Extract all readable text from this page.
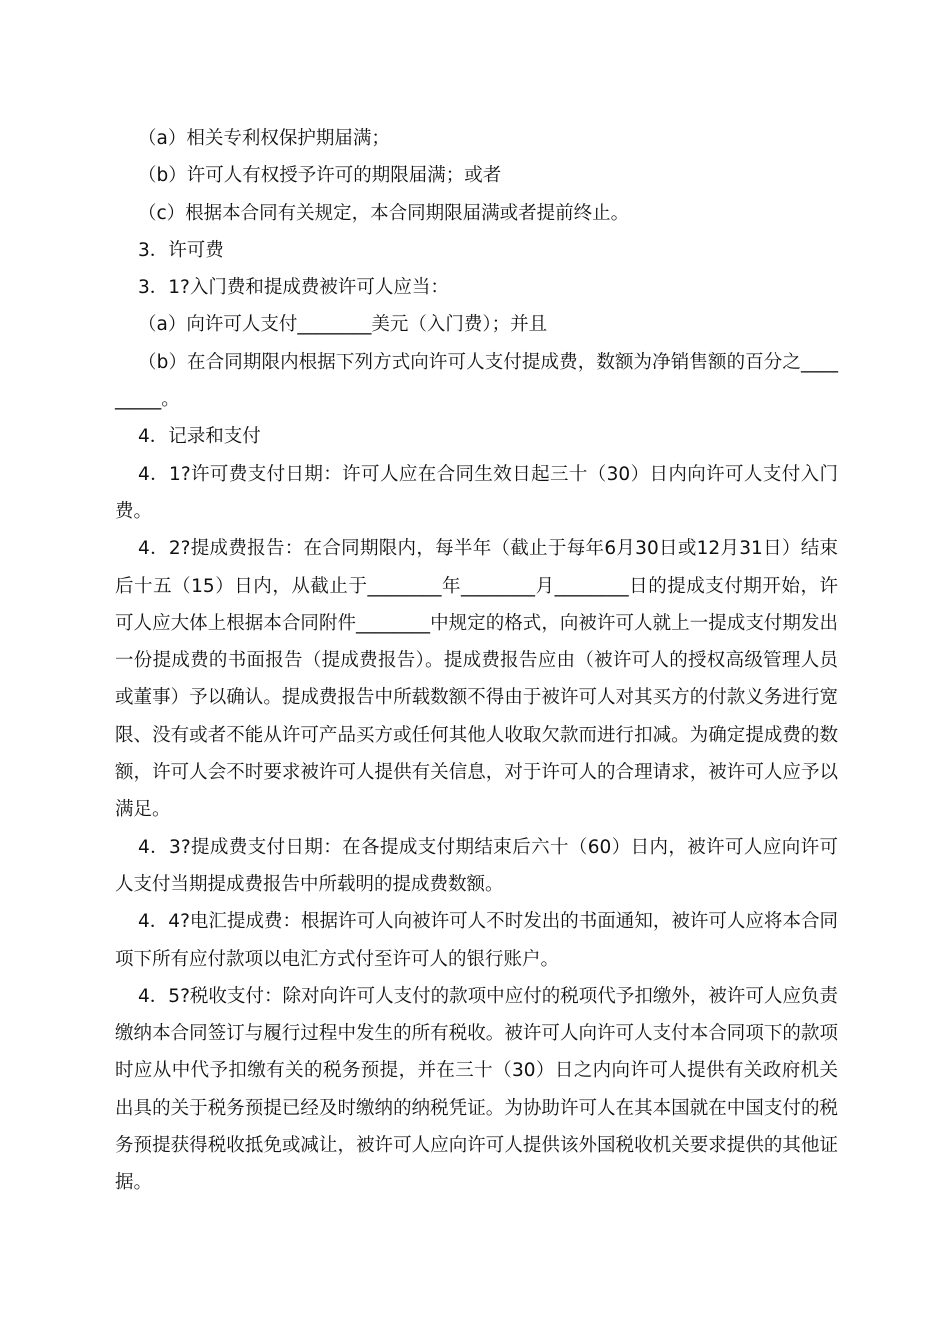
（a）相关专利权保护期届满；

（b）许可人有权授予许可的期限届满；或者

（c）根据本合同有关规定，本合同期限届满或者提前终止。

3．许可费

3．1?入门费和提成费被许可人应当：

（a）向许可人支付________美元（入门费）；并且

（b）在合同期限内根据下列方式向许可人支付提成费，数额为净销售额的百分之_________。

4．记录和支付

4．1?许可费支付日期：许可人应在合同生效日起三十（30）日内向许可人支付入门费。

4．2?提成费报告：在合同期限内，每半年（截止于每年6月30日或12月31日）结束后十五（15）日内，从截止于________年________月________日的提成支付期开始，许可人应大体上根据本合同附件________中规定的格式，向被许可人就上一提成支付期发出一份提成费的书面报告（提成费报告）。提成费报告应由（被许可人的授权高级管理人员或董事）予以确认。提成费报告中所载数额不得由于被许可人对其买方的付款义务进行宽限、没有或者不能从许可产品买方或任何其他人收取欠款而进行扣减。为确定提成费的数额，许可人会不时要求被许可人提供有关信息，对于许可人的合理请求，被许可人应予以满足。

4．3?提成费支付日期：在各提成支付期结束后六十（60）日内，被许可人应向许可人支付当期提成费报告中所载明的提成费数额。

4．4?电汇提成费：根据许可人向被许可人不时发出的书面通知，被许可人应将本合同项下所有应付款项以电汇方式付至许可人的银行账户。

4．5?税收支付：除对向许可人支付的款项中应付的税项代予扣缴外，被许可人应负责缴纳本合同签订与履行过程中发生的所有税收。被许可人向许可人支付本合同项下的款项时应从中代予扣缴有关的税务预提，并在三十（30）日之内向许可人提供有关政府机关出具的关于税务预提已经及时缴纳的纳税凭证。为协助许可人在其本国就在中国支付的税务预提获得税收抵免或减让，被许可人应向许可人提供该外国税收机关要求提供的其他证据。
